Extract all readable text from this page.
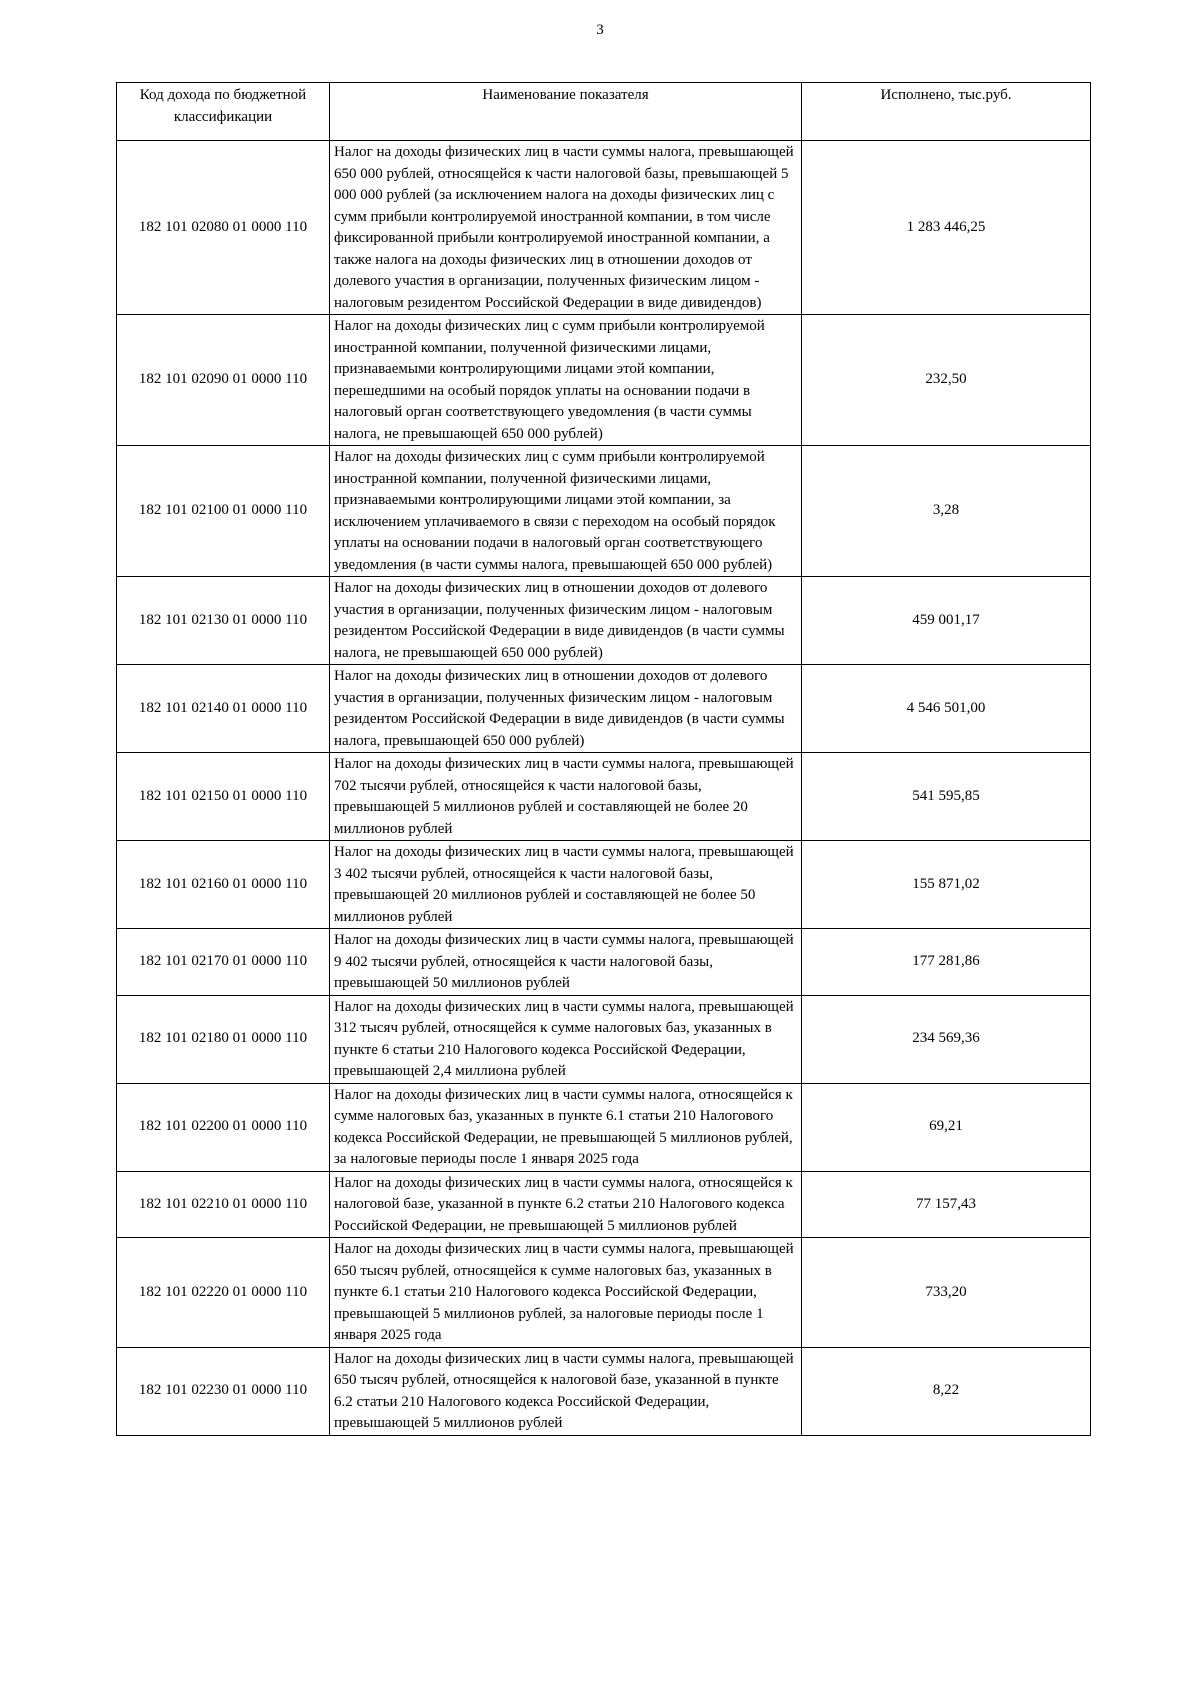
3
Код дохода по бюджетной классификации	Наименование показателя	Исполнено, тыс.руб.
182 101 02080 01 0000 110	Налог на доходы физических лиц в части суммы налога, превышающей 650 000 рублей, относящейся к части налоговой базы, превышающей 5 000 000 рублей (за исключением налога на доходы физических лиц с сумм прибыли контролируемой иностранной компании, в том числе фиксированной прибыли контролируемой иностранной компании, а также налога на доходы физических лиц в отношении доходов от долевого участия в организации, полученных физическим лицом - налоговым резидентом Российской Федерации в виде дивидендов)	1 283 446,25
182 101 02090 01 0000 110	Налог на доходы физических лиц с сумм прибыли контролируемой иностранной компании, полученной физическими лицами, признаваемыми контролирующими лицами этой компании, перешедшими на особый порядок уплаты на основании подачи в налоговый орган соответствующего уведомления (в части суммы налога, не превышающей 650 000 рублей)	232,50
182 101 02100 01 0000 110	Налог на доходы физических лиц с сумм прибыли контролируемой иностранной компании, полученной физическими лицами, признаваемыми контролирующими лицами этой компании, за исключением уплачиваемого в связи с переходом на особый порядок уплаты на основании подачи в налоговый орган соответствующего уведомления (в части суммы налога, превышающей 650 000 рублей)	3,28
182 101 02130 01 0000 110	Налог на доходы физических лиц в отношении доходов от долевого участия в организации, полученных физическим лицом - налоговым резидентом Российской Федерации в виде дивидендов (в части суммы налога, не превышающей 650 000 рублей)	459 001,17
182 101 02140 01 0000 110	Налог на доходы физических лиц в отношении доходов от долевого участия в организации, полученных физическим лицом - налоговым резидентом Российской Федерации в виде дивидендов (в части суммы налога, превышающей 650 000 рублей)	4 546 501,00
182 101 02150 01 0000 110	Налог на доходы физических лиц в части суммы налога, превышающей 702 тысячи рублей, относящейся к части налоговой базы, превышающей 5 миллионов рублей и составляющей не более 20 миллионов рублей	541 595,85
182 101 02160 01 0000 110	Налог на доходы физических лиц в части суммы налога, превышающей 3 402 тысячи рублей, относящейся к части налоговой базы, превышающей 20 миллионов рублей и составляющей не более 50 миллионов рублей	155 871,02
182 101 02170 01 0000 110	Налог на доходы физических лиц в части суммы налога, превышающей 9 402 тысячи рублей, относящейся к части налоговой базы, превышающей 50 миллионов рублей	177 281,86
182 101 02180 01 0000 110	Налог на доходы физических лиц в части суммы налога, превышающей 312 тысяч рублей, относящейся к сумме налоговых баз, указанных в пункте 6 статьи 210 Налогового кодекса Российской Федерации, превышающей 2,4 миллиона рублей	234 569,36
182 101 02200 01 0000 110	Налог на доходы физических лиц в части суммы налога, относящейся к сумме налоговых баз, указанных в пункте 6.1 статьи 210 Налогового кодекса Российской Федерации, не превышающей 5 миллионов рублей, за налоговые периоды после 1 января 2025 года	69,21
182 101 02210 01 0000 110	Налог на доходы физических лиц в части суммы налога, относящейся к налоговой базе, указанной в пункте 6.2 статьи 210 Налогового кодекса Российской Федерации, не превышающей 5 миллионов рублей	77 157,43
182 101 02220 01 0000 110	Налог на доходы физических лиц в части суммы налога, превышающей 650 тысяч рублей, относящейся к сумме налоговых баз, указанных в пункте 6.1 статьи 210 Налогового кодекса Российской Федерации, превышающей 5 миллионов рублей, за налоговые периоды после 1 января 2025 года	733,20
182 101 02230 01 0000 110	Налог на доходы физических лиц в части суммы налога, превышающей 650 тысяч рублей, относящейся к налоговой базе, указанной в пункте 6.2 статьи 210 Налогового кодекса Российской Федерации, превышающей 5 миллионов рублей	8,22
